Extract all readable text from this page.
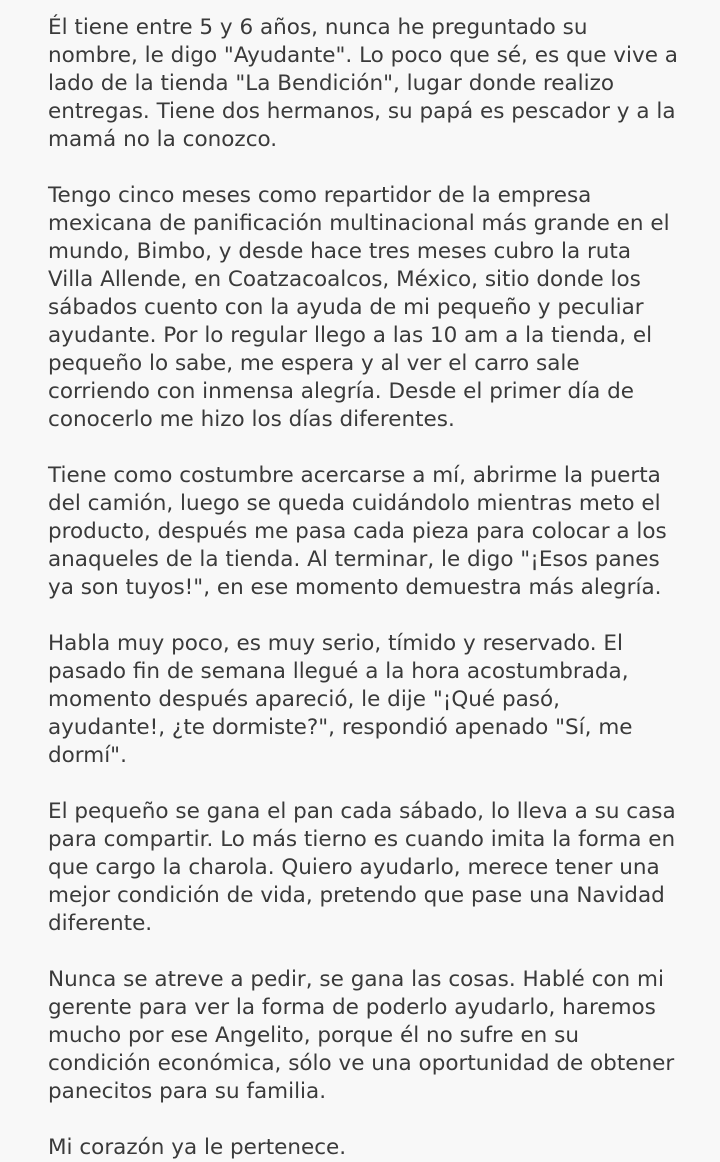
Él tiene entre 5 y 6 años, nunca he preguntado su nombre, le digo "Ayudante". Lo poco que sé, es que vive a lado de la tienda "La Bendición", lugar donde realizo entregas. Tiene dos hermanos, su papá es pescador y a la mamá no la conozco.

Tengo cinco meses como repartidor de la empresa mexicana de panificación multinacional más grande en el mundo, Bimbo, y desde hace tres meses cubro la ruta Villa Allende, en Coatzacoalcos, México, sitio donde los sábados cuento con la ayuda de mi pequeño y peculiar ayudante. Por lo regular llego a las 10 am a la tienda, el pequeño lo sabe, me espera y al ver el carro sale corriendo con inmensa alegría. Desde el primer día de conocerlo me hizo los días diferentes.

Tiene como costumbre acercarse a mí, abrirme la puerta del camión, luego se queda cuidándolo mientras meto el producto, después me pasa cada pieza para colocar a los anaqueles de la tienda. Al terminar, le digo "¡Esos panes ya son tuyos!", en ese momento demuestra más alegría.

Habla muy poco, es muy serio, tímido y reservado. El pasado fin de semana llegué a la hora acostumbrada, momento después apareció, le dije "¡Qué pasó, ayudante!, ¿te dormiste?", respondió apenado "Sí, me dormí".

El pequeño se gana el pan cada sábado, lo lleva a su casa para compartir. Lo más tierno es cuando imita la forma en que cargo la charola. Quiero ayudarlo, merece tener una mejor condición de vida, pretendo que pase una Navidad diferente.

Nunca se atreve a pedir, se gana las cosas. Hablé con mi gerente para ver la forma de poderlo ayudarlo, haremos mucho por ese Angelito, porque él no sufre en su condición económica, sólo ve una oportunidad de obtener panecitos para su familia.

Mi corazón ya le pertenece.
